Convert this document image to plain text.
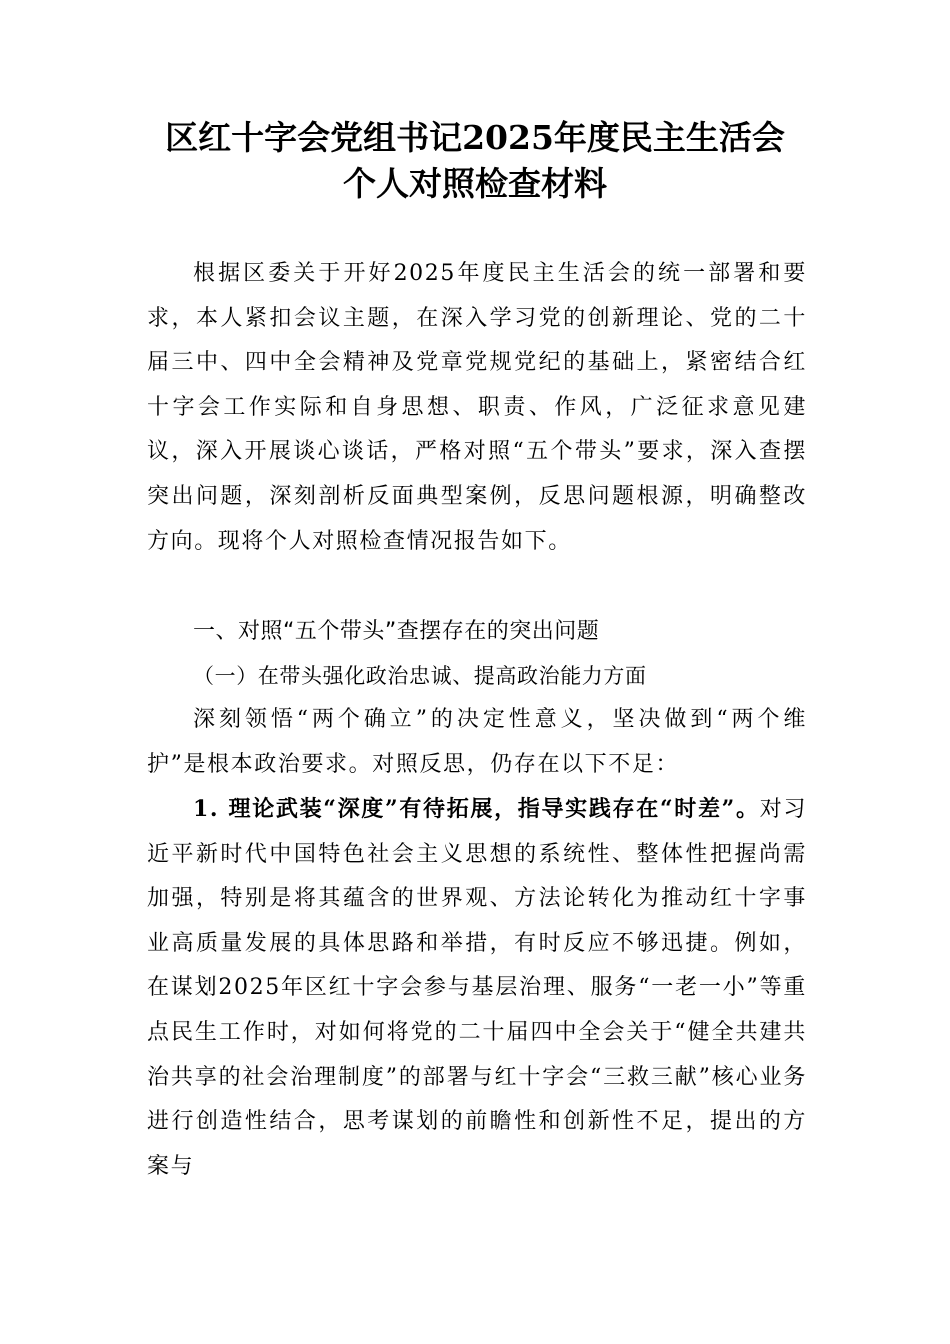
区红十字会党组书记2025年度民主生活会
个人对照检查材料

根据区委关于开好2025年度民主生活会的统一部署和要求，本人紧扣会议主题，在深入学习党的创新理论、党的二十届三中、四中全会精神及党章党规党纪的基础上，紧密结合红十字会工作实际和自身思想、职责、作风，广泛征求意见建议，深入开展谈心谈话，严格对照“五个带头”要求，深入查摆突出问题，深刻剖析反面典型案例，反思问题根源，明确整改方向。现将个人对照检查情况报告如下。

一、对照“五个带头”查摆存在的突出问题
（一）在带头强化政治忠诚、提高政治能力方面

深刻领悟“两个确立”的决定性意义，坚决做到“两个维护”是根本政治要求。对照反思，仍存在以下不足：

1. 理论武装“深度”有待拓展，指导实践存在“时差”。对习近平新时代中国特色社会主义思想的系统性、整体性把握尚需加强，特别是将其蕴含的世界观、方法论转化为推动红十字事业高质量发展的具体思路和举措，有时反应不够迅捷。例如，在谋划2025年区红十字会参与基层治理、服务“一老一小”等重点民生工作时，对如何将党的二十届四中全会关于“健全共建共治共享的社会治理制度”的部署与红十字会“三救三献”核心业务进行创造性结合，思考谋划的前瞻性和创新性不足，提出的方案与
